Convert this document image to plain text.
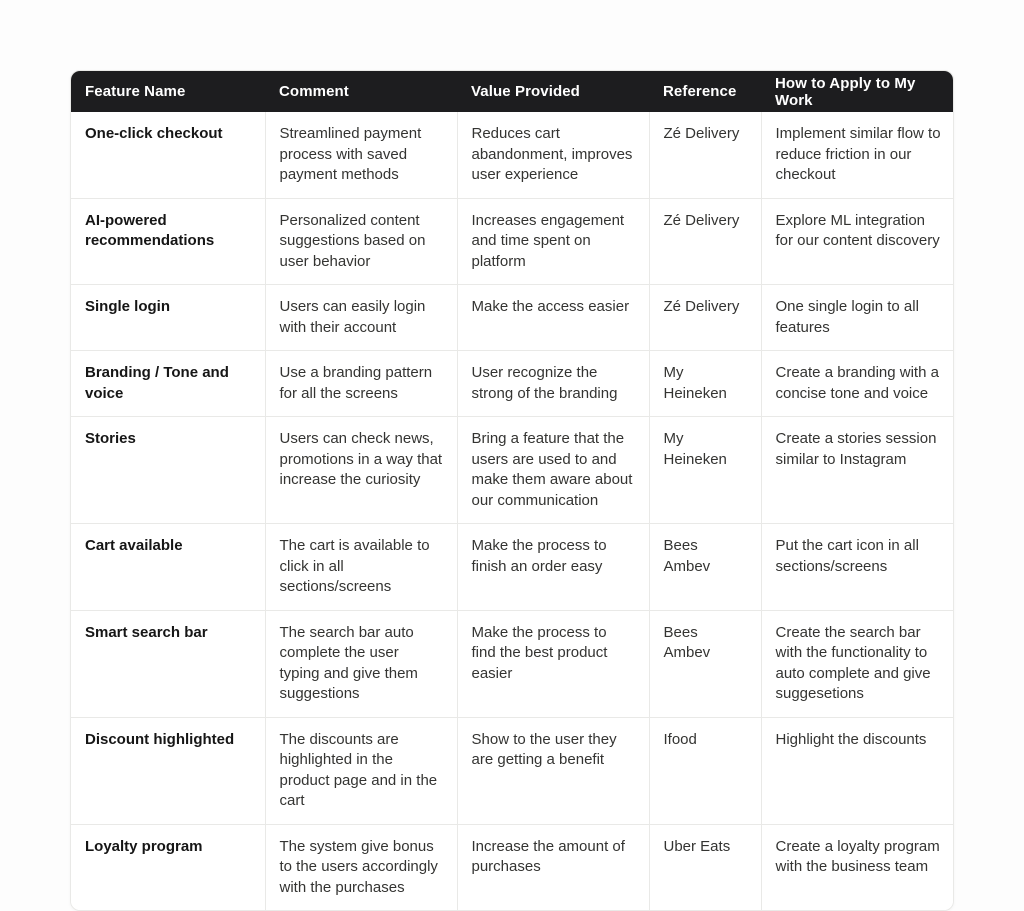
Feature Name	Comment	Value Provided	Reference	How to Apply to My Work
One-click checkout	Streamlined payment process with saved payment methods	Reduces cart abandonment, improves user experience	Zé Delivery	Implement similar flow to reduce friction in our checkout
AI-powered recommendations	Personalized content suggestions based on user behavior	Increases engagement and time spent on platform	Zé Delivery	Explore ML integration for our content discovery
Single login	Users can easily login with their account	Make the access easier	Zé Delivery	One single login to all features
Branding / Tone and voice	Use a branding pattern for all the screens	User recognize the strong of the branding	My Heineken	Create a branding with a concise tone and voice
Stories	Users can check news, promotions in a way that increase the curiosity	Bring a feature that the users are used to and make them aware about our communication	My Heineken	Create a stories session similar to Instagram
Cart available	The cart is available to click in all sections/screens	Make the process to finish an order easy	Bees Ambev	Put the cart icon in all sections/screens
Smart search bar	The search bar auto complete the user typing and give them suggestions	Make the process to find the best product easier	Bees Ambev	Create the search bar with the functionality to auto complete and give suggesetions
Discount highlighted	The discounts are highlighted in the product page and in the cart	Show to the user they are getting a benefit	Ifood	Highlight the discounts
Loyalty program	The system give bonus to the users accordingly with the purchases	Increase the amount of purchases	Uber Eats	Create a loyalty program with the business team
